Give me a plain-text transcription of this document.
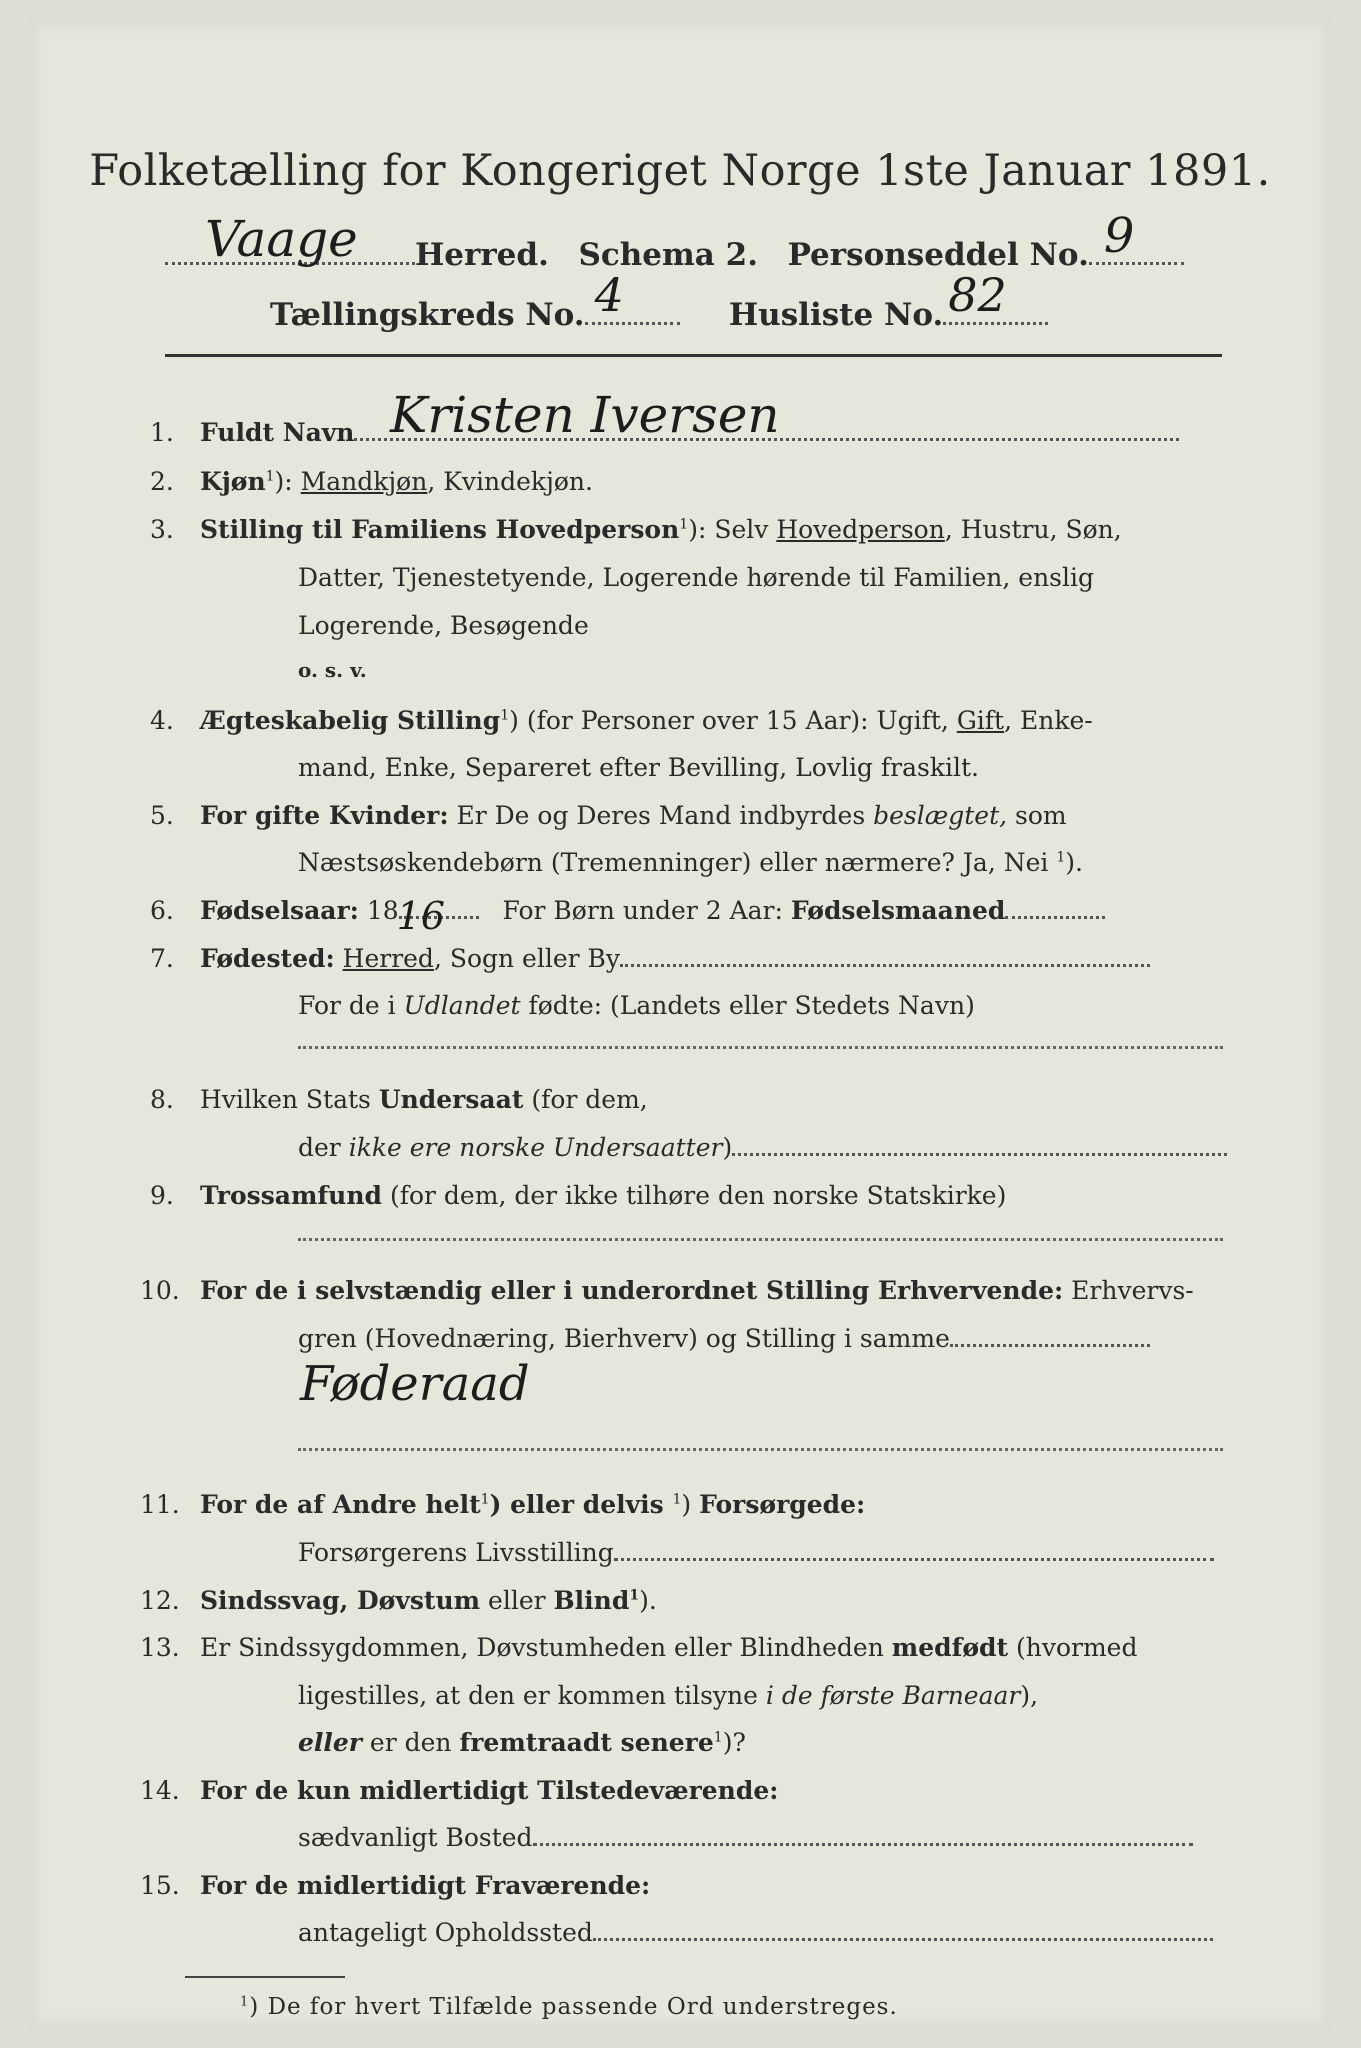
Folketælling for Kongeriget Norge 1ste Januar 1891.
Vaage Herred. Schema 2. Personseddel No. 9
Tællingskreds No. 4	Husliste No. 82
1. Fuldt Navn Kristen Iversen
2. Kjøn$^1$): Mandkjøn, Kvindekjøn.
3. Stilling til Familiens Hovedperson$^1$): Selv Hovedperson, Hustru, Søn,
Datter, Tjenestetyende, Logerende hørende til Familien, enslig
Logerende, Besøgende
o. s. v.
4. Ægteskabelig Stilling$^1$) (for Personer over 15 Aar): Ugift, Gift, Enke-
mand, Enke, Separeret efter Bevilling, Lovlig fraskilt.
5. For gifte Kvinder: Er De og Deres Mand indbyrdes beslægtet, som
Næstsøskendebørn (Tremenninger) eller nærmere? Ja, Nei $^1$).
6. Fødselsaar: 18
16 For Børn under 2 Aar: Fødselsmaaned
7. Fødested: Herred, Sogn eller By
For de i Udlandet fødte: (Landets eller Stedets Navn)
8. Hvilken Stats Undersaat (for dem,
der ikke ere norske Undersaatter)
9. Trossamfund (for dem, der ikke tilhøre den norske Statskirke)
10. For de i selvstændig eller i underordnet Stilling Erhvervende: Erhvervs-
gren (Hovednæring, Bierhverv) og Stilling i samme
Føderaad
11. For de af Andre helt$^1$) eller delvis $^1$) Forsørgede:
Forsørgerens Livsstilling
12. Sindssvag, Døvstum eller Blind$^1$).
13. Er Sindssygdommen, Døvstumheden eller Blindheden medfødt (hvormed
ligestilles, at den er kommen tilsyne i de første Barneaar),
eller er den fremtraadt senere$^1$)?
14. For de kun midlertidigt Tilstedeværende:
sædvanligt Bosted
15. For de midlertidigt Fraværende:
antageligt Opholdssted
$^1$) De for hvert Tilfælde passende Ord understreges.
